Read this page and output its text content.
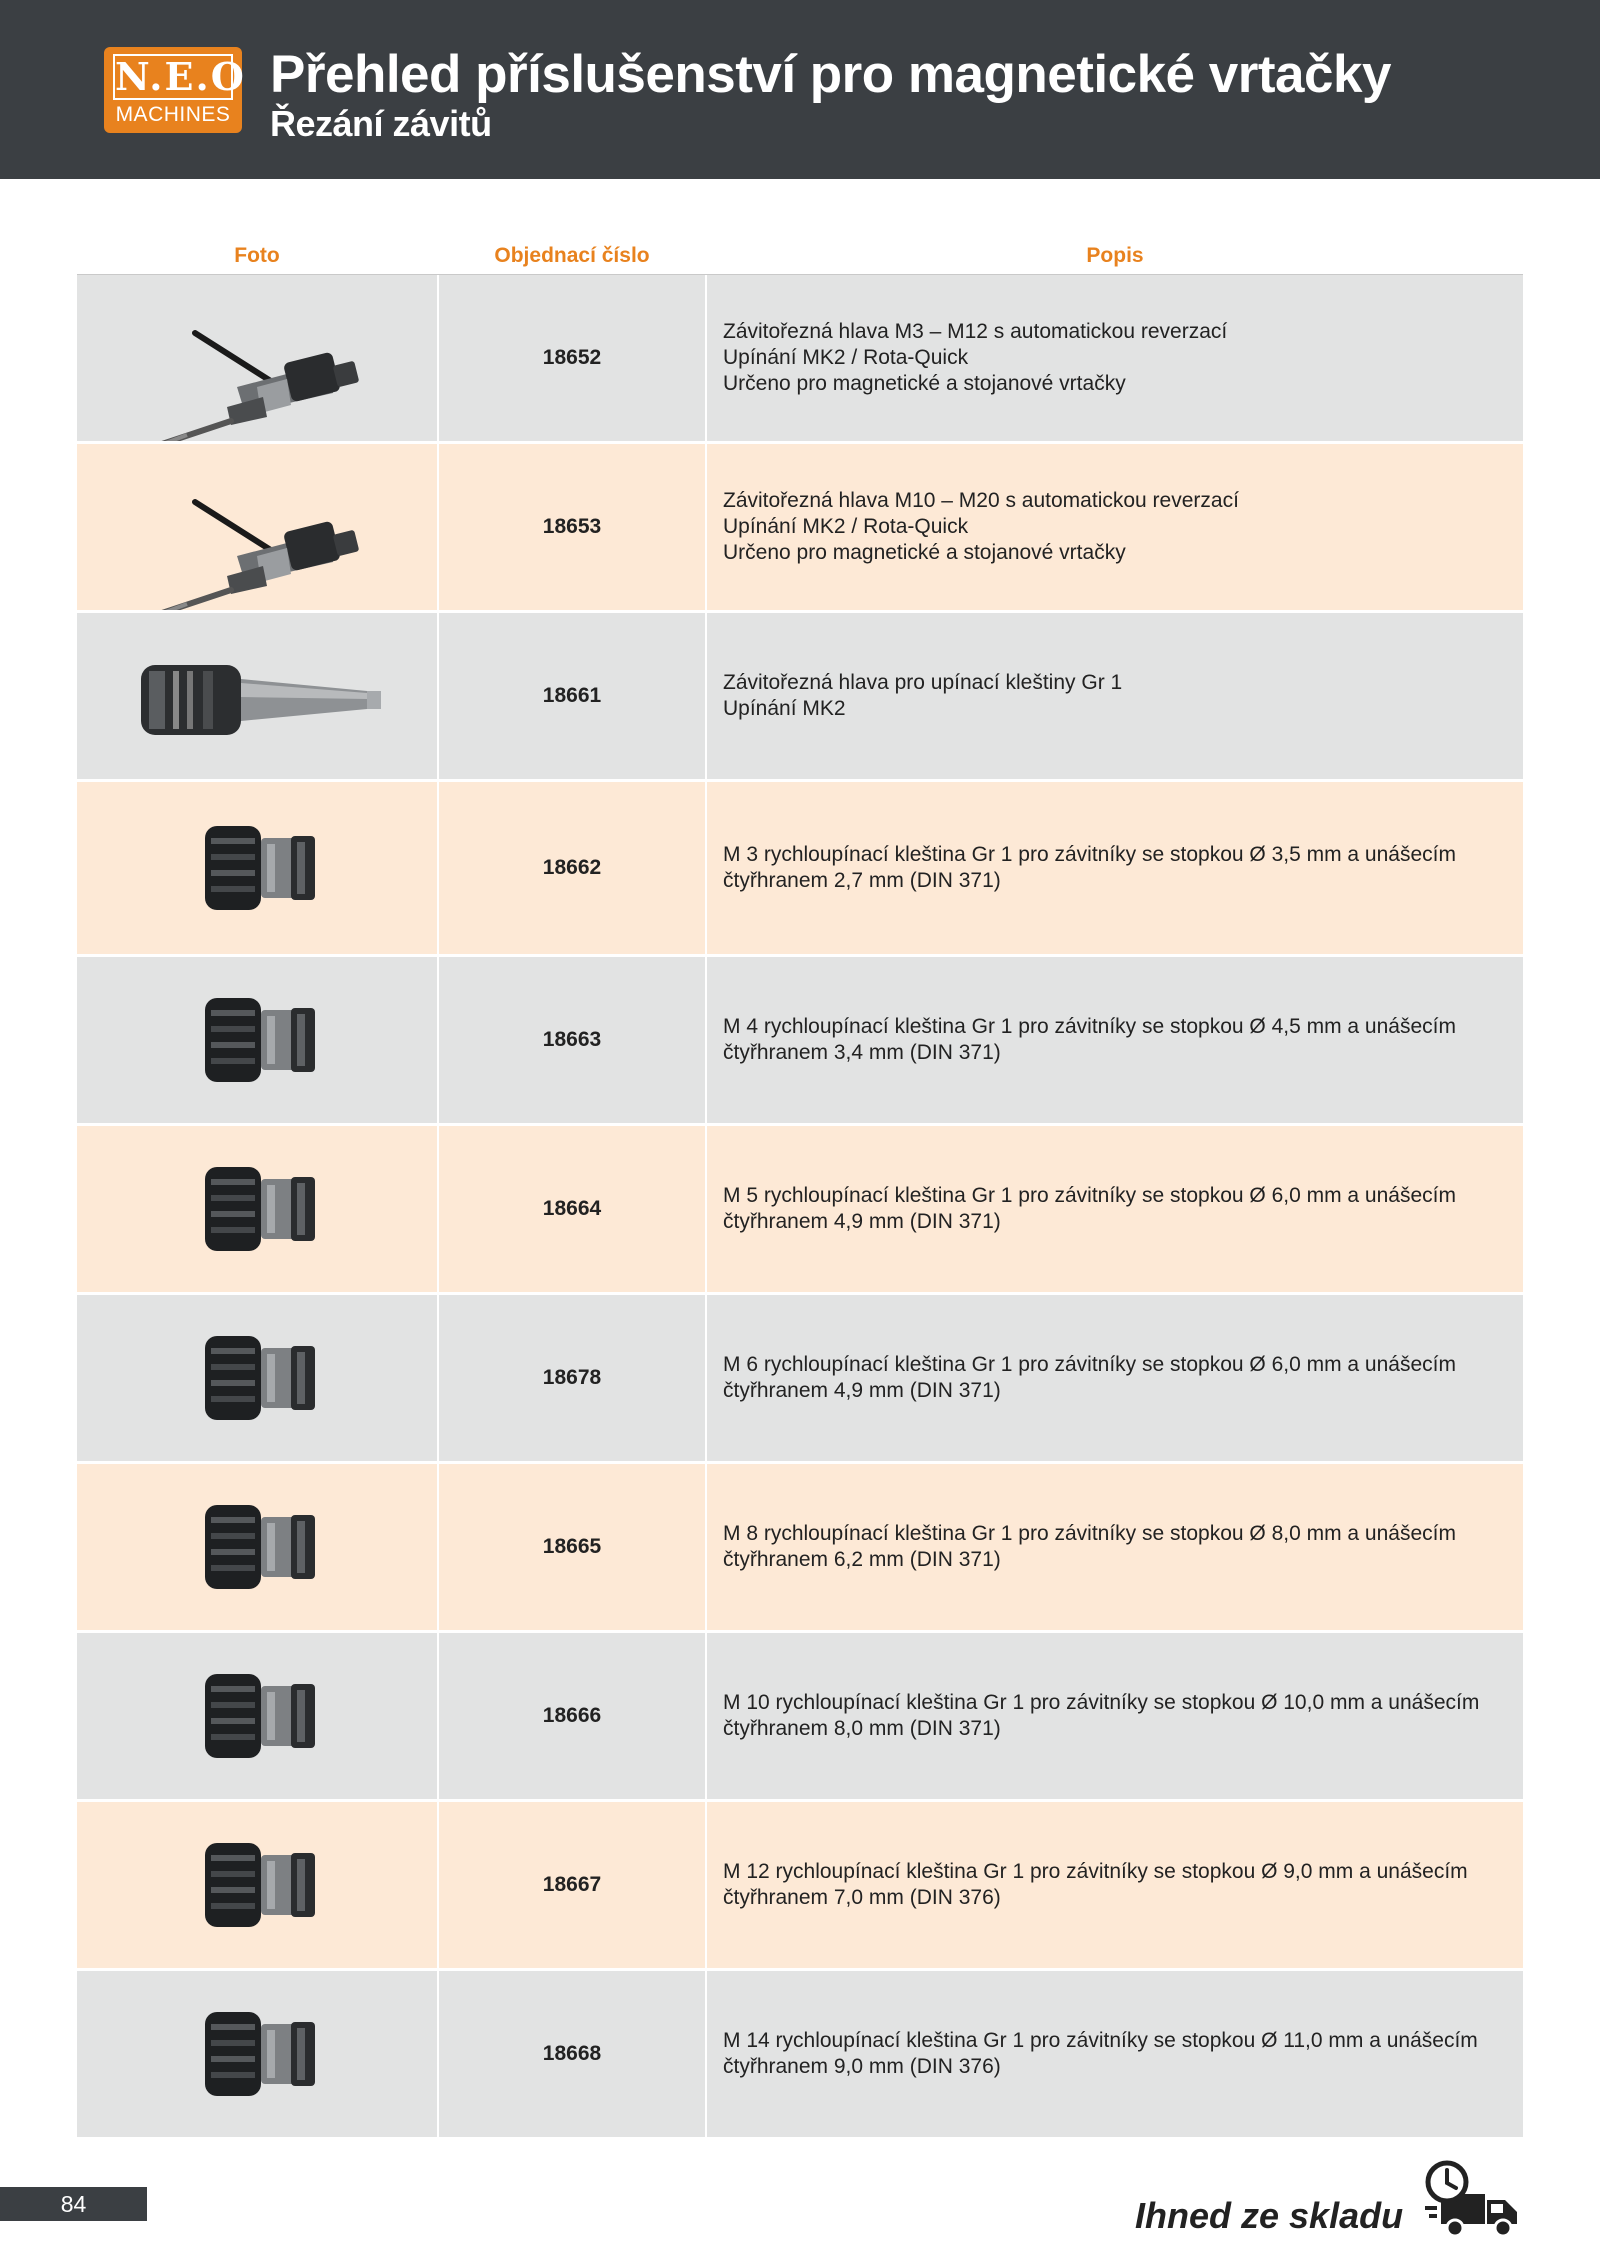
N.E.O
MACHINES
Přehled příslušenství pro magnetické vrtačky
Řezání závitů
Foto	Objednací číslo	Popis
18652
Závitořezná hlava M3 – M12 s automatickou reverzací
Upínání MK2 / Rota-Quick
Určeno pro magnetické a stojanové vrtačky
18653
Závitořezná hlava M10 – M20 s automatickou reverzací
Upínání MK2 / Rota-Quick
Určeno pro magnetické a stojanové vrtačky
18661
Závitořezná hlava pro upínací kleštiny Gr 1
Upínání MK2
18662
M 3 rychloupínací kleština Gr 1 pro závitníky se stopkou Ø 3,5 mm a unášecím
čtyřhranem 2,7 mm (DIN 371)
18663
M 4 rychloupínací kleština Gr 1 pro závitníky se stopkou Ø 4,5 mm a unášecím
čtyřhranem 3,4 mm (DIN 371)
18664
M 5 rychloupínací kleština Gr 1 pro závitníky se stopkou Ø 6,0 mm a unášecím
čtyřhranem 4,9 mm (DIN 371)
18678
M 6 rychloupínací kleština Gr 1 pro závitníky se stopkou Ø 6,0 mm a unášecím
čtyřhranem 4,9 mm (DIN 371)
18665
M 8 rychloupínací kleština Gr 1 pro závitníky se stopkou Ø 8,0 mm a unášecím
čtyřhranem 6,2 mm (DIN 371)
18666
M 10 rychloupínací kleština Gr 1 pro závitníky se stopkou Ø 10,0 mm a unášecím
čtyřhranem 8,0 mm (DIN 371)
18667
M 12 rychloupínací kleština Gr 1 pro závitníky se stopkou Ø 9,0 mm a unášecím
čtyřhranem 7,0 mm (DIN 376)
18668
M 14 rychloupínací kleština Gr 1 pro závitníky se stopkou Ø 11,0 mm a unášecím
čtyřhranem 9,0 mm (DIN 376)
84	Ihned ze skladu
